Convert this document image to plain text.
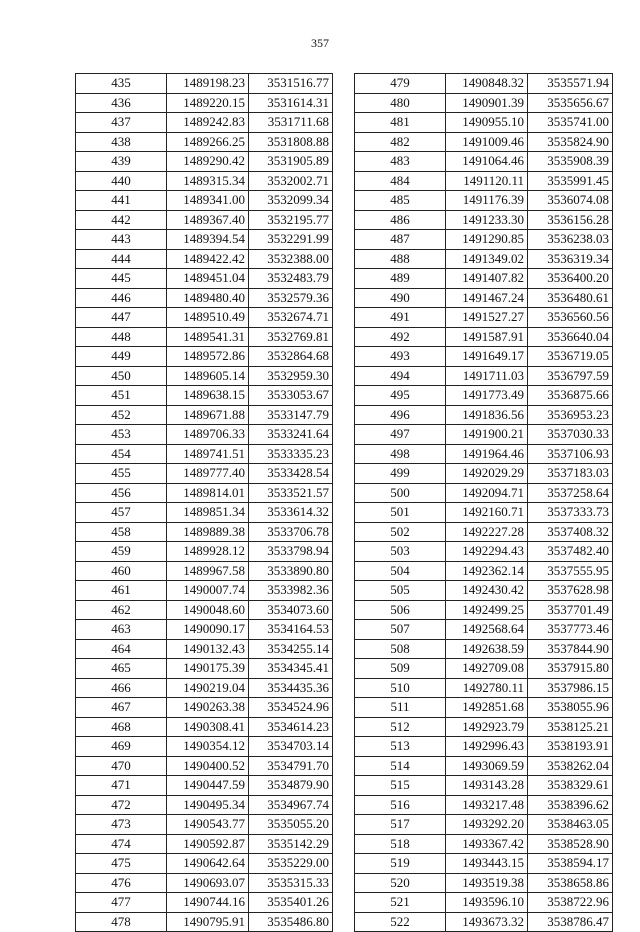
357
435	1489198.23	3531516.77
436	1489220.15	3531614.31
437	1489242.83	3531711.68
438	1489266.25	3531808.88
439	1489290.42	3531905.89
440	1489315.34	3532002.71
441	1489341.00	3532099.34
442	1489367.40	3532195.77
443	1489394.54	3532291.99
444	1489422.42	3532388.00
445	1489451.04	3532483.79
446	1489480.40	3532579.36
447	1489510.49	3532674.71
448	1489541.31	3532769.81
449	1489572.86	3532864.68
450	1489605.14	3532959.30
451	1489638.15	3533053.67
452	1489671.88	3533147.79
453	1489706.33	3533241.64
454	1489741.51	3533335.23
455	1489777.40	3533428.54
456	1489814.01	3533521.57
457	1489851.34	3533614.32
458	1489889.38	3533706.78
459	1489928.12	3533798.94
460	1489967.58	3533890.80
461	1490007.74	3533982.36
462	1490048.60	3534073.60
463	1490090.17	3534164.53
464	1490132.43	3534255.14
465	1490175.39	3534345.41
466	1490219.04	3534435.36
467	1490263.38	3534524.96
468	1490308.41	3534614.23
469	1490354.12	3534703.14
470	1490400.52	3534791.70
471	1490447.59	3534879.90
472	1490495.34	3534967.74
473	1490543.77	3535055.20
474	1490592.87	3535142.29
475	1490642.64	3535229.00
476	1490693.07	3535315.33
477	1490744.16	3535401.26
478	1490795.91	3535486.80
479	1490848.32	3535571.94
480	1490901.39	3535656.67
481	1490955.10	3535741.00
482	1491009.46	3535824.90
483	1491064.46	3535908.39
484	1491120.11	3535991.45
485	1491176.39	3536074.08
486	1491233.30	3536156.28
487	1491290.85	3536238.03
488	1491349.02	3536319.34
489	1491407.82	3536400.20
490	1491467.24	3536480.61
491	1491527.27	3536560.56
492	1491587.91	3536640.04
493	1491649.17	3536719.05
494	1491711.03	3536797.59
495	1491773.49	3536875.66
496	1491836.56	3536953.23
497	1491900.21	3537030.33
498	1491964.46	3537106.93
499	1492029.29	3537183.03
500	1492094.71	3537258.64
501	1492160.71	3537333.73
502	1492227.28	3537408.32
503	1492294.43	3537482.40
504	1492362.14	3537555.95
505	1492430.42	3537628.98
506	1492499.25	3537701.49
507	1492568.64	3537773.46
508	1492638.59	3537844.90
509	1492709.08	3537915.80
510	1492780.11	3537986.15
511	1492851.68	3538055.96
512	1492923.79	3538125.21
513	1492996.43	3538193.91
514	1493069.59	3538262.04
515	1493143.28	3538329.61
516	1493217.48	3538396.62
517	1493292.20	3538463.05
518	1493367.42	3538528.90
519	1493443.15	3538594.17
520	1493519.38	3538658.86
521	1493596.10	3538722.96
522	1493673.32	3538786.47
